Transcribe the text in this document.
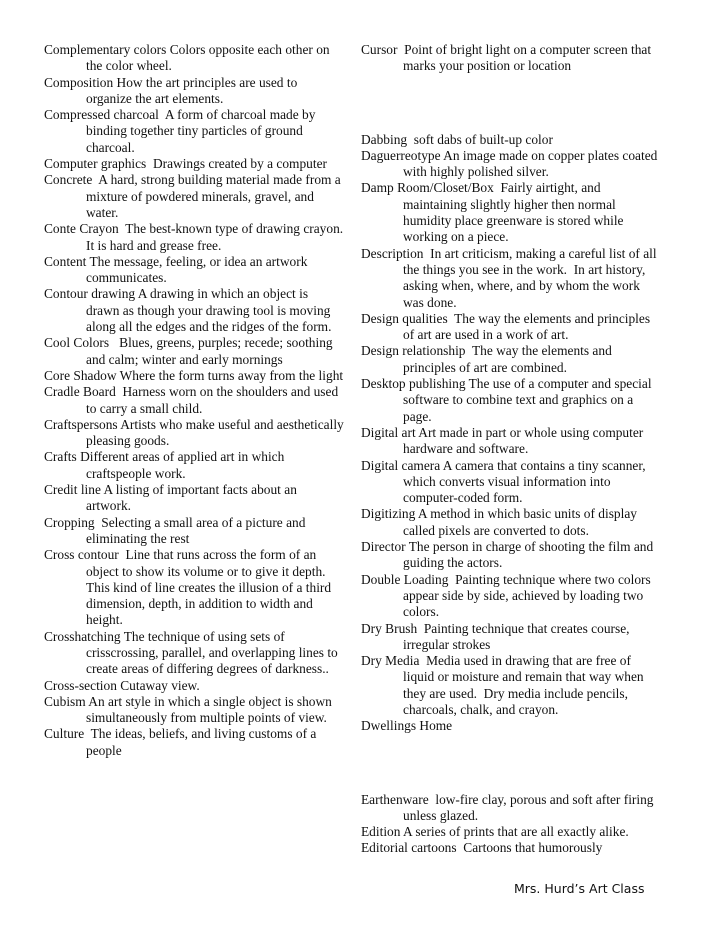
Complementary colors Colors opposite each other on the color wheel.

Composition How the art principles are used to organize the art elements.

Compressed charcoal  A form of charcoal made by binding together tiny particles of ground charcoal.

Computer graphics  Drawings created by a computer

Concrete  A hard, strong building material made from a mixture of powdered minerals, gravel, and water.

Conte Crayon  The best-known type of drawing crayon.  It is hard and grease free.

Content The message, feeling, or idea an artwork communicates.

Contour drawing A drawing in which an object is drawn as though your drawing tool is moving along all the edges and the ridges of the form.

Cool Colors   Blues, greens, purples; recede; soothing and calm; winter and early mornings

Core Shadow Where the form turns away from the light

Cradle Board  Harness worn on the shoulders and used to carry a small child.

Craftspersons Artists who make useful and aesthetically pleasing goods.

Crafts Different areas of applied art in which craftspeople work.

Credit line A listing of important facts about an artwork.

Cropping  Selecting a small area of a picture and eliminating the rest

Cross contour  Line that runs across the form of an object to show its volume or to give it depth.  This kind of line creates the illusion of a third dimension, depth, in addition to width and height.

Crosshatching The technique of using sets of crisscrossing, parallel, and overlapping lines to create areas of differing degrees of darkness..

Cross-section Cutaway view.

Cubism An art style in which a single object is shown simultaneously from multiple points of view.

Culture  The ideas, beliefs, and living customs of a people

Cursor  Point of bright light on a computer screen that marks your position or location

Dabbing  soft dabs of built-up color

Daguerreotype An image made on copper plates coated with highly polished silver.

Damp Room/Closet/Box  Fairly airtight, and maintaining slightly higher then normal humidity place greenware is stored while working on a piece.

Description  In art criticism, making a careful list of all the things you see in the work.  In art history, asking when, where, and by whom the work was done.

Design qualities  The way the elements and principles of art are used in a work of art.

Design relationship  The way the elements and principles of art are combined.

Desktop publishing The use of a computer and special software to combine text and graphics on a page.

Digital art Art made in part or whole using computer hardware and software.

Digital camera A camera that contains a tiny scanner, which converts visual information into computer-coded form.

Digitizing A method in which basic units of display called pixels are converted to dots.

Director The person in charge of shooting the film and guiding the actors.

Double Loading  Painting technique where two colors appear side by side, achieved by loading two colors.

Dry Brush  Painting technique that creates course, irregular strokes

Dry Media  Media used in drawing that are free of liquid or moisture and remain that way when they are used.  Dry media include pencils, charcoals, chalk, and crayon.

Dwellings Home

Earthenware  low-fire clay, porous and soft after firing unless glazed.

Edition A series of prints that are all exactly alike.

Editorial cartoons  Cartoons that humorously

Mrs. Hurd’s Art Class
